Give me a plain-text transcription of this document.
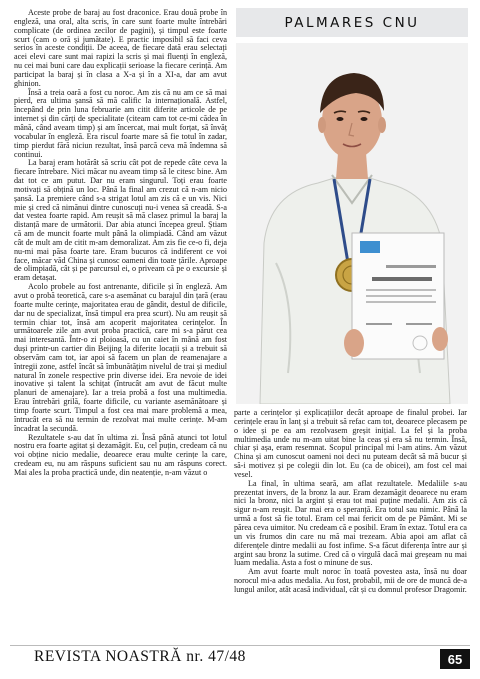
PALMARES CNU

Aceste probe de baraj au fost draconice. Erau două probe în engleză, una oral, alta scris, în care sunt foarte multe întrebări complicate (de ordinea zecilor de pagini), și timpul este foarte scurt (cam o oră și jumătate). E practic imposibil să faci ceva serios în aceste condiții. De aceea, de fiecare dată erau selectați acei elevi care sunt mai rapizi la scris și mai fluenți în engleză, nu cei mai buni care dau explicații serioase la fiecare cerință. Am participat la baraj și în clasa a X-a și în a XI-a, dar am avut ghinion.

Însă a treia oară a fost cu noroc. Am zis că nu am ce să mai pierd, era ultima șansă să mă calific la internațională. Astfel, începând de prin luna februarie am citit diferite articole de pe internet și din cărți de specialitate (citeam cam tot ce-mi cădea în mână, când aveam timp) și am încercat, mai mult forțat, să învăț vocabular în engleză. Era riscul foarte mare să fie totul în zadar, timp pierdut fără niciun rezultat, însă parcă ceva mă îndemna să continui.

La baraj eram hotărât să scriu cât pot de repede câte ceva la fiecare întrebare. Nici măcar nu aveam timp să le citesc bine. Am dat tot ce am putut. Dar nu eram singurul. Toți erau foarte motivați să obțină un loc. Până la final am crezut că n-am nicio șansă. La premiere când s-a strigat lotul am zis că e un vis. Nici mie și cred că nimănui dintre cunoscuți nu-i venea să creadă. S-a dat vestea foarte rapid. Am reușit să mă clasez primul la baraj la distanță mare de următorii. Dar abia atunci începea greul. Știam că am de muncit foarte mult până la olimpiadă. Când am văzut cât de mult am de citit m-am demoralizat. Am zis fie ce-o fi, deja nu-mi mai păsa foarte tare. Eram bucuros că indiferent ce voi face, măcar văd China și cunosc oameni din toate țările. Aproape de olimpiadă, cât și pe parcursul ei, o priveam că pe o excursie și eram detașat.

Acolo probele au fost antrenante, dificile și în engleză. Am avut o probă teoretică, care s-a asemănat cu barajul din țară (erau foarte multe cerințe, majoritatea erau de gândit, destul de dificile, dar nu de specializat, însă timpul era prea scurt). Nu am reușit să termin chiar tot, însă am acoperit majoritatea cerințelor. În următoarele zile am avut proba practică, care mi s-a părut cea mai interesantă. Într-o zi ploioasă, cu un caiet în mână am fost duși printr-un cartier din Beijing la diferite locații și a trebuit să observăm cam tot, iar apoi să facem un plan de reamenajare a întregii zone, astfel încât să îmbunătățim nivelul de trai și mediul natural în zonele respective prin diverse idei. Era nevoie de idei inovative și talent la schițat (întrucât am avut de făcut multe planuri de amenajare). Iar a treia probă a fost una multimedia. Erau întrebări grilă, foarte dificile, cu variante asemănătoare și timp foarte scurt. Timpul a fost cea mai mare problemă a mea, întrucât era să nu termin de rezolvat mai multe cerințe. M-am încadrat la secundă.

Rezultatele s-au dat în ultima zi. Însă până atunci tot lotul nostru era foarte agitat și dezamăgit. Eu, cel puțin, credeam că nu voi obține nicio medalie, deoarece erau multe cerințe la care, credeam eu, nu am răspuns suficient sau nu am răspuns corect. Mai ales la proba practică unde, din neatenție, n-am văzut o

parte a cerințelor și explicațiilor decât aproape de finalul probei. Iar cerințele erau în lanț și a trebuit să refac cam tot, deoarece plecasem pe o idee și pe ea am rezolvasem greșit inițial. La fel și la proba multimedia unde nu m-am uitat bine la ceas și era să nu termin. Însă, chiar și așa, eram resemnat. Scopul principal mi l-am atins. Am văzut China și am cunoscut oameni noi deci nu puteam decât să mă bucur și să-i motivez și pe colegii din lot. Eu (ca de obicei), am fost cel mai vesel.

La final, în ultima seară, am aflat rezultatele. Medaliile s-au prezentat invers, de la bronz la aur. Eram dezamăgit deoarece nu eram nici la bronz, nici la argint și erau tot mai puține medalii. Am zis că sigur n-am reușit. Dar mai era o speranță. Era totul sau nimic. Până la urmă a fost să fie totul. Eram cel mai fericit om de pe Pământ. Mi se părea ceva uimitor. Nu credeam că e posibil. Eram în extaz. Totul era ca un vis frumos din care nu mă mai trezeam. Abia apoi am aflat că diferențele dintre medalii au fost infime. S-a făcut diferența între aur și argint sau bronz la sutime. Cred că o virgulă dacă mai greșeam nu mai luam medalia. Asta a fost o minune de sus.

Am avut foarte mult noroc în toată povestea asta, însă nu doar norocul mi-a adus medalia. Au fost, probabil, mii de ore de muncă de-a lungul anilor, atât acasă individual, cât și cu domnul profesor Dragomir.

REVISTA NOASTRĂ nr. 47/48	65
